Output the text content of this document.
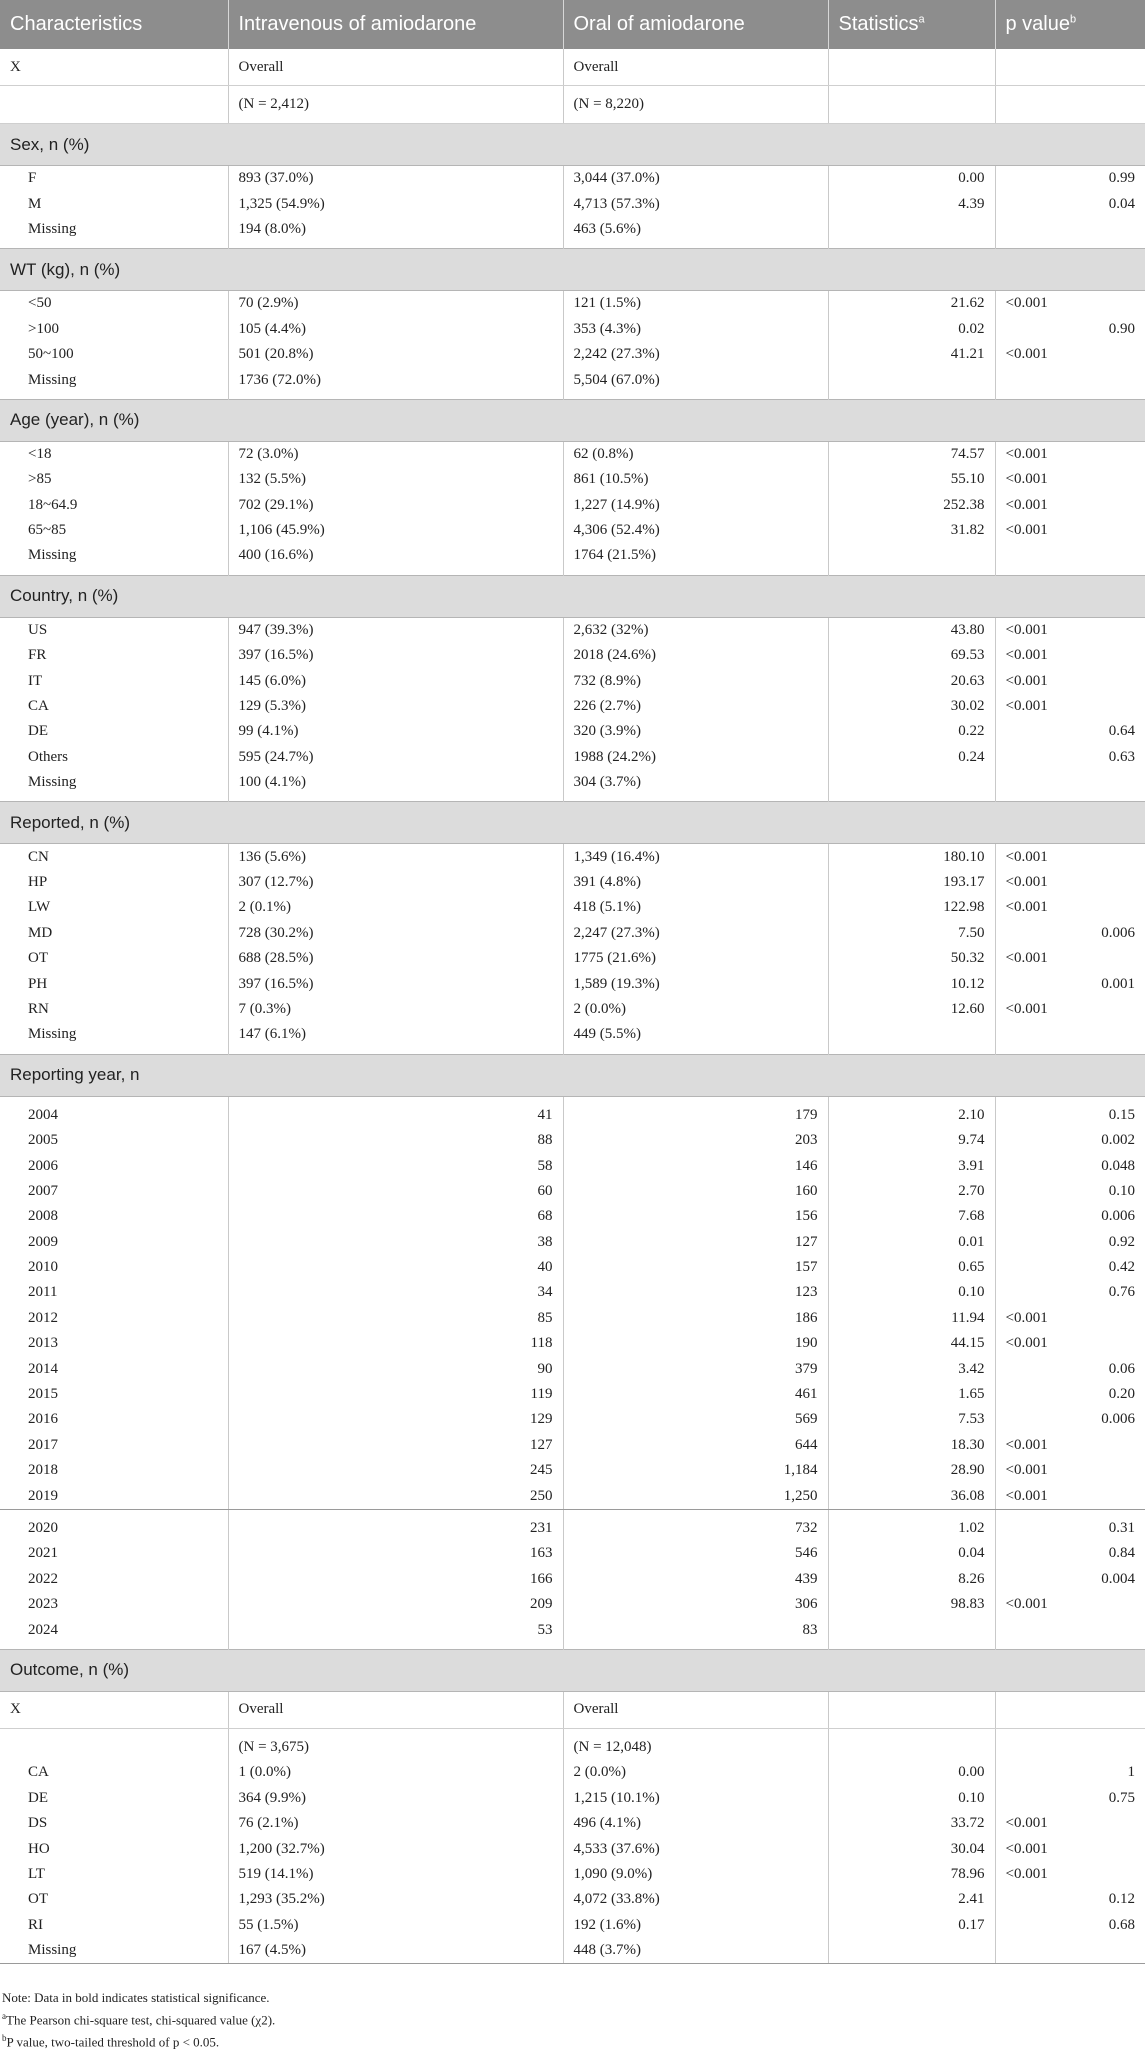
Characteristics	Intravenous of amiodarone	Oral of amiodarone	Statistics$^a$	p value$^b$
X	Overall	Overall		
	(N = 2,412)	(N = 8,220)		
Sex, n (%)				
F	893 (37.0%)	3,044 (37.0%)	0.00	0.99
M	1,325 (54.9%)	4,713 (57.3%)	4.39	0.04
Missing	194 (8.0%)	463 (5.6%)		

WT (kg), n (%)				
<50	70 (2.9%)	121 (1.5%)	21.62	<0.001
>100	105 (4.4%)	353 (4.3%)	0.02	0.90
50~100	501 (20.8%)	2,242 (27.3%)	41.21	<0.001
Missing	1736 (72.0%)	5,504 (67.0%)		

Age (year), n (%)				
<18	72 (3.0%)	62 (0.8%)	74.57	<0.001
>85	132 (5.5%)	861 (10.5%)	55.10	<0.001
18~64.9	702 (29.1%)	1,227 (14.9%)	252.38	<0.001
65~85	1,106 (45.9%)	4,306 (52.4%)	31.82	<0.001
Missing	400 (16.6%)	1764 (21.5%)		

Country, n (%)				
US	947 (39.3%)	2,632 (32%)	43.80	<0.001
FR	397 (16.5%)	2018 (24.6%)	69.53	<0.001
IT	145 (6.0%)	732 (8.9%)	20.63	<0.001
CA	129 (5.3%)	226 (2.7%)	30.02	<0.001
DE	99 (4.1%)	320 (3.9%)	0.22	0.64
Others	595 (24.7%)	1988 (24.2%)	0.24	0.63
Missing	100 (4.1%)	304 (3.7%)		

Reported, n (%)				
CN	136 (5.6%)	1,349 (16.4%)	180.10	<0.001
HP	307 (12.7%)	391 (4.8%)	193.17	<0.001
LW	2 (0.1%)	418 (5.1%)	122.98	<0.001
MD	728 (30.2%)	2,247 (27.3%)	7.50	0.006
OT	688 (28.5%)	1775 (21.6%)	50.32	<0.001
PH	397 (16.5%)	1,589 (19.3%)	10.12	0.001
RN	7 (0.3%)	2 (0.0%)	12.60	<0.001
Missing	147 (6.1%)	449 (5.5%)		

Reporting year, n				

2004	41	179	2.10	0.15
2005	88	203	9.74	0.002
2006	58	146	3.91	0.048
2007	60	160	2.70	0.10
2008	68	156	7.68	0.006
2009	38	127	0.01	0.92
2010	40	157	0.65	0.42
2011	34	123	0.10	0.76
2012	85	186	11.94	<0.001
2013	118	190	44.15	<0.001
2014	90	379	3.42	0.06
2015	119	461	1.65	0.20
2016	129	569	7.53	0.006
2017	127	644	18.30	<0.001
2018	245	1,184	28.90	<0.001
2019	250	1,250	36.08	<0.001

2020	231	732	1.02	0.31
2021	163	546	0.04	0.84
2022	166	439	8.26	0.004
2023	209	306	98.83	<0.001
2024	53	83		

Outcome, n (%)				
X	Overall	Overall		
	(N = 3,675)	(N = 12,048)		
CA	1 (0.0%)	2 (0.0%)	0.00	1
DE	364 (9.9%)	1,215 (10.1%)	0.10	0.75
DS	76 (2.1%)	496 (4.1%)	33.72	<0.001
HO	1,200 (32.7%)	4,533 (37.6%)	30.04	<0.001
LT	519 (14.1%)	1,090 (9.0%)	78.96	<0.001
OT	1,293 (35.2%)	4,072 (33.8%)	2.41	0.12
RI	55 (1.5%)	192 (1.6%)	0.17	0.68
Missing	167 (4.5%)	448 (3.7%)		
Note: Data in bold indicates statistical significance.
$^a$The Pearson chi-square test, chi-squared value (χ2).
$^b$P value, two-tailed threshold of p < 0.05.
